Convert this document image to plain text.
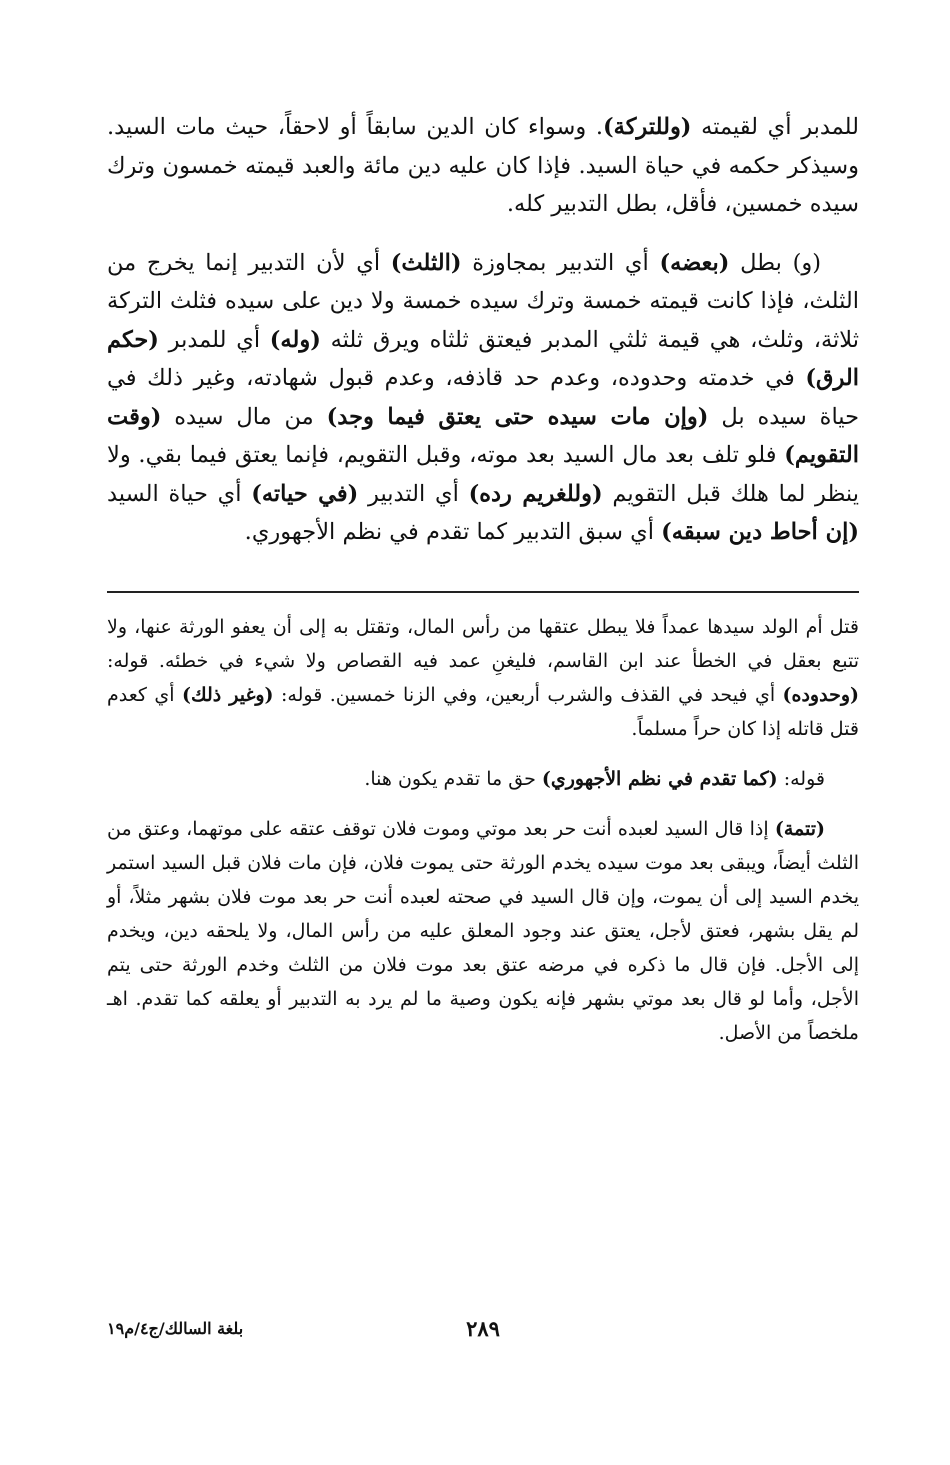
للمدبر أي لقيمته (وللتركة). وسواء كان الدين سابقاً أو لاحقاً، حيث مات السيد. وسيذكر حكمه في حياة السيد. فإذا كان عليه دين مائة والعبد قيمته خمسون وترك سيده خمسين، فأقل، بطل التدبير كله.

(و) بطل (بعضه) أي التدبير بمجاوزة (الثلث) أي لأن التدبير إنما يخرج من الثلث، فإذا كانت قيمته خمسة وترك سيده خمسة ولا دين على سيده فثلث التركة ثلاثة، وثلث، هي قيمة ثلثي المدبر فيعتق ثلثاه ويرق ثلثه (وله) أي للمدبر (حكم الرق) في خدمته وحدوده، وعدم حد قاذفه، وعدم قبول شهادته، وغير ذلك في حياة سيده بل (وإن مات سيده حتى يعتق فيما وجد) من مال سيده (وقت التقويم) فلو تلف بعد مال السيد بعد موته، وقبل التقويم، فإنما يعتق فيما بقي. ولا ينظر لما هلك قبل التقويم (وللغريم رده) أي التدبير (في حياته) أي حياة السيد (إن أحاط دين سبقه) أي سبق التدبير كما تقدم في نظم الأجهوري.

قتل أم الولد سيدها عمداً فلا يبطل عتقها من رأس المال، وتقتل به إلى أن يعفو الورثة عنها، ولا تتبع بعقل في الخطأ عند ابن القاسم، فليغنِ عمد فيه القصاص ولا شيء في خطئه. قوله: (وحدوده) أي فيحد في القذف والشرب أربعين، وفي الزنا خمسين. قوله: (وغير ذلك) أي كعدم قتل قاتله إذا كان حراً مسلماً.

قوله: (كما تقدم في نظم الأجهوري) حق ما تقدم يكون هنا.

(تتمة) إذا قال السيد لعبده أنت حر بعد موتي وموت فلان توقف عتقه على موتهما، وعتق من الثلث أيضاً، ويبقى بعد موت سيده يخدم الورثة حتى يموت فلان، فإن مات فلان قبل السيد استمر يخدم السيد إلى أن يموت، وإن قال السيد في صحته لعبده أنت حر بعد موت فلان بشهر مثلاً، أو لم يقل بشهر، فعتق لأجل، يعتق عند وجود المعلق عليه من رأس المال، ولا يلحقه دين، ويخدم إلى الأجل. فإن قال ما ذكره في مرضه عتق بعد موت فلان من الثلث وخدم الورثة حتى يتم الأجل، وأما لو قال بعد موتي بشهر فإنه يكون وصية ما لم يرد به التدبير أو يعلقه كما تقدم. اهـ ملخصاً من الأصل.

٢٨٩
بلغة السالك/ج٤/م١٩
